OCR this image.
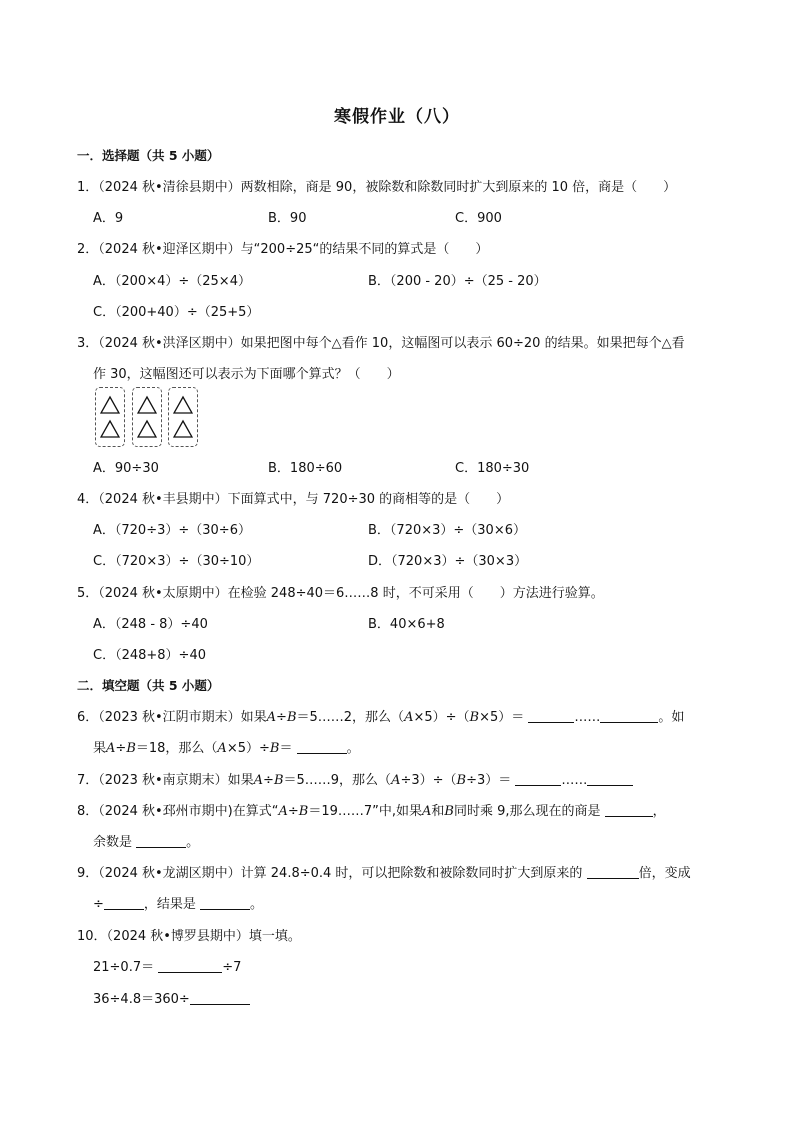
寒假作业（八）
一．选择题（共 5 小题）
1．（2024 秋•清徐县期中）两数相除，商是 90，被除数和除数同时扩大到原来的 10 倍，商是（　　）
A．9	B．90	C．900
2．（2024 秋•迎泽区期中）与“200÷25“的结果不同的算式是（　　）
A．（200×4）÷（25×4）	B．（200 - 20）÷（25 - 20）
C．（200+40）÷（25+5）
3．（2024 秋•洪泽区期中）如果把图中每个△看作 10，这幅图可以表示 60÷20 的结果。如果把每个△看
作 30，这幅图还可以表示为下面哪个算式？（　　）
A．90÷30	B．180÷60	C．180÷30
4．（2024 秋•丰县期中）下面算式中，与 720÷30 的商相等的是（　　）
A．（720÷3）÷（30÷6）	B．（720×3）÷（30×6）
C．（720×3）÷（30÷10）	D．（720×3）÷（30×3）
5．（2024 秋•太原期中）在检验 248÷40＝6……8 时，不可采用（　　）方法进行验算。
A．（248 - 8）÷40	B．40×6+8
C．（248+8）÷40
二．填空题（共 5 小题）
6．（2023 秋•江阴市期末）如果A÷B＝5……2，那么（A×5）÷（B×5）＝	……	。如
果A÷B＝18，那么（A×5）÷B＝	。
7．（2023 秋•南京期末）如果A÷B＝5……9，那么（A÷3）÷（B÷3）＝	……
8．（2024 秋•邳州市期中)在算式“A÷B＝19……7”中,如果A和B同时乘 9,那么现在的商是	，
余数是	。
9．（2024 秋•龙湖区期中）计算 24.8÷0.4 时，可以把除数和被除数同时扩大到原来的	倍，变成
÷	，结果是	。
10．（2024 秋•博罗县期中）填一填。
21÷0.7＝	÷7
36÷4.8＝360÷
